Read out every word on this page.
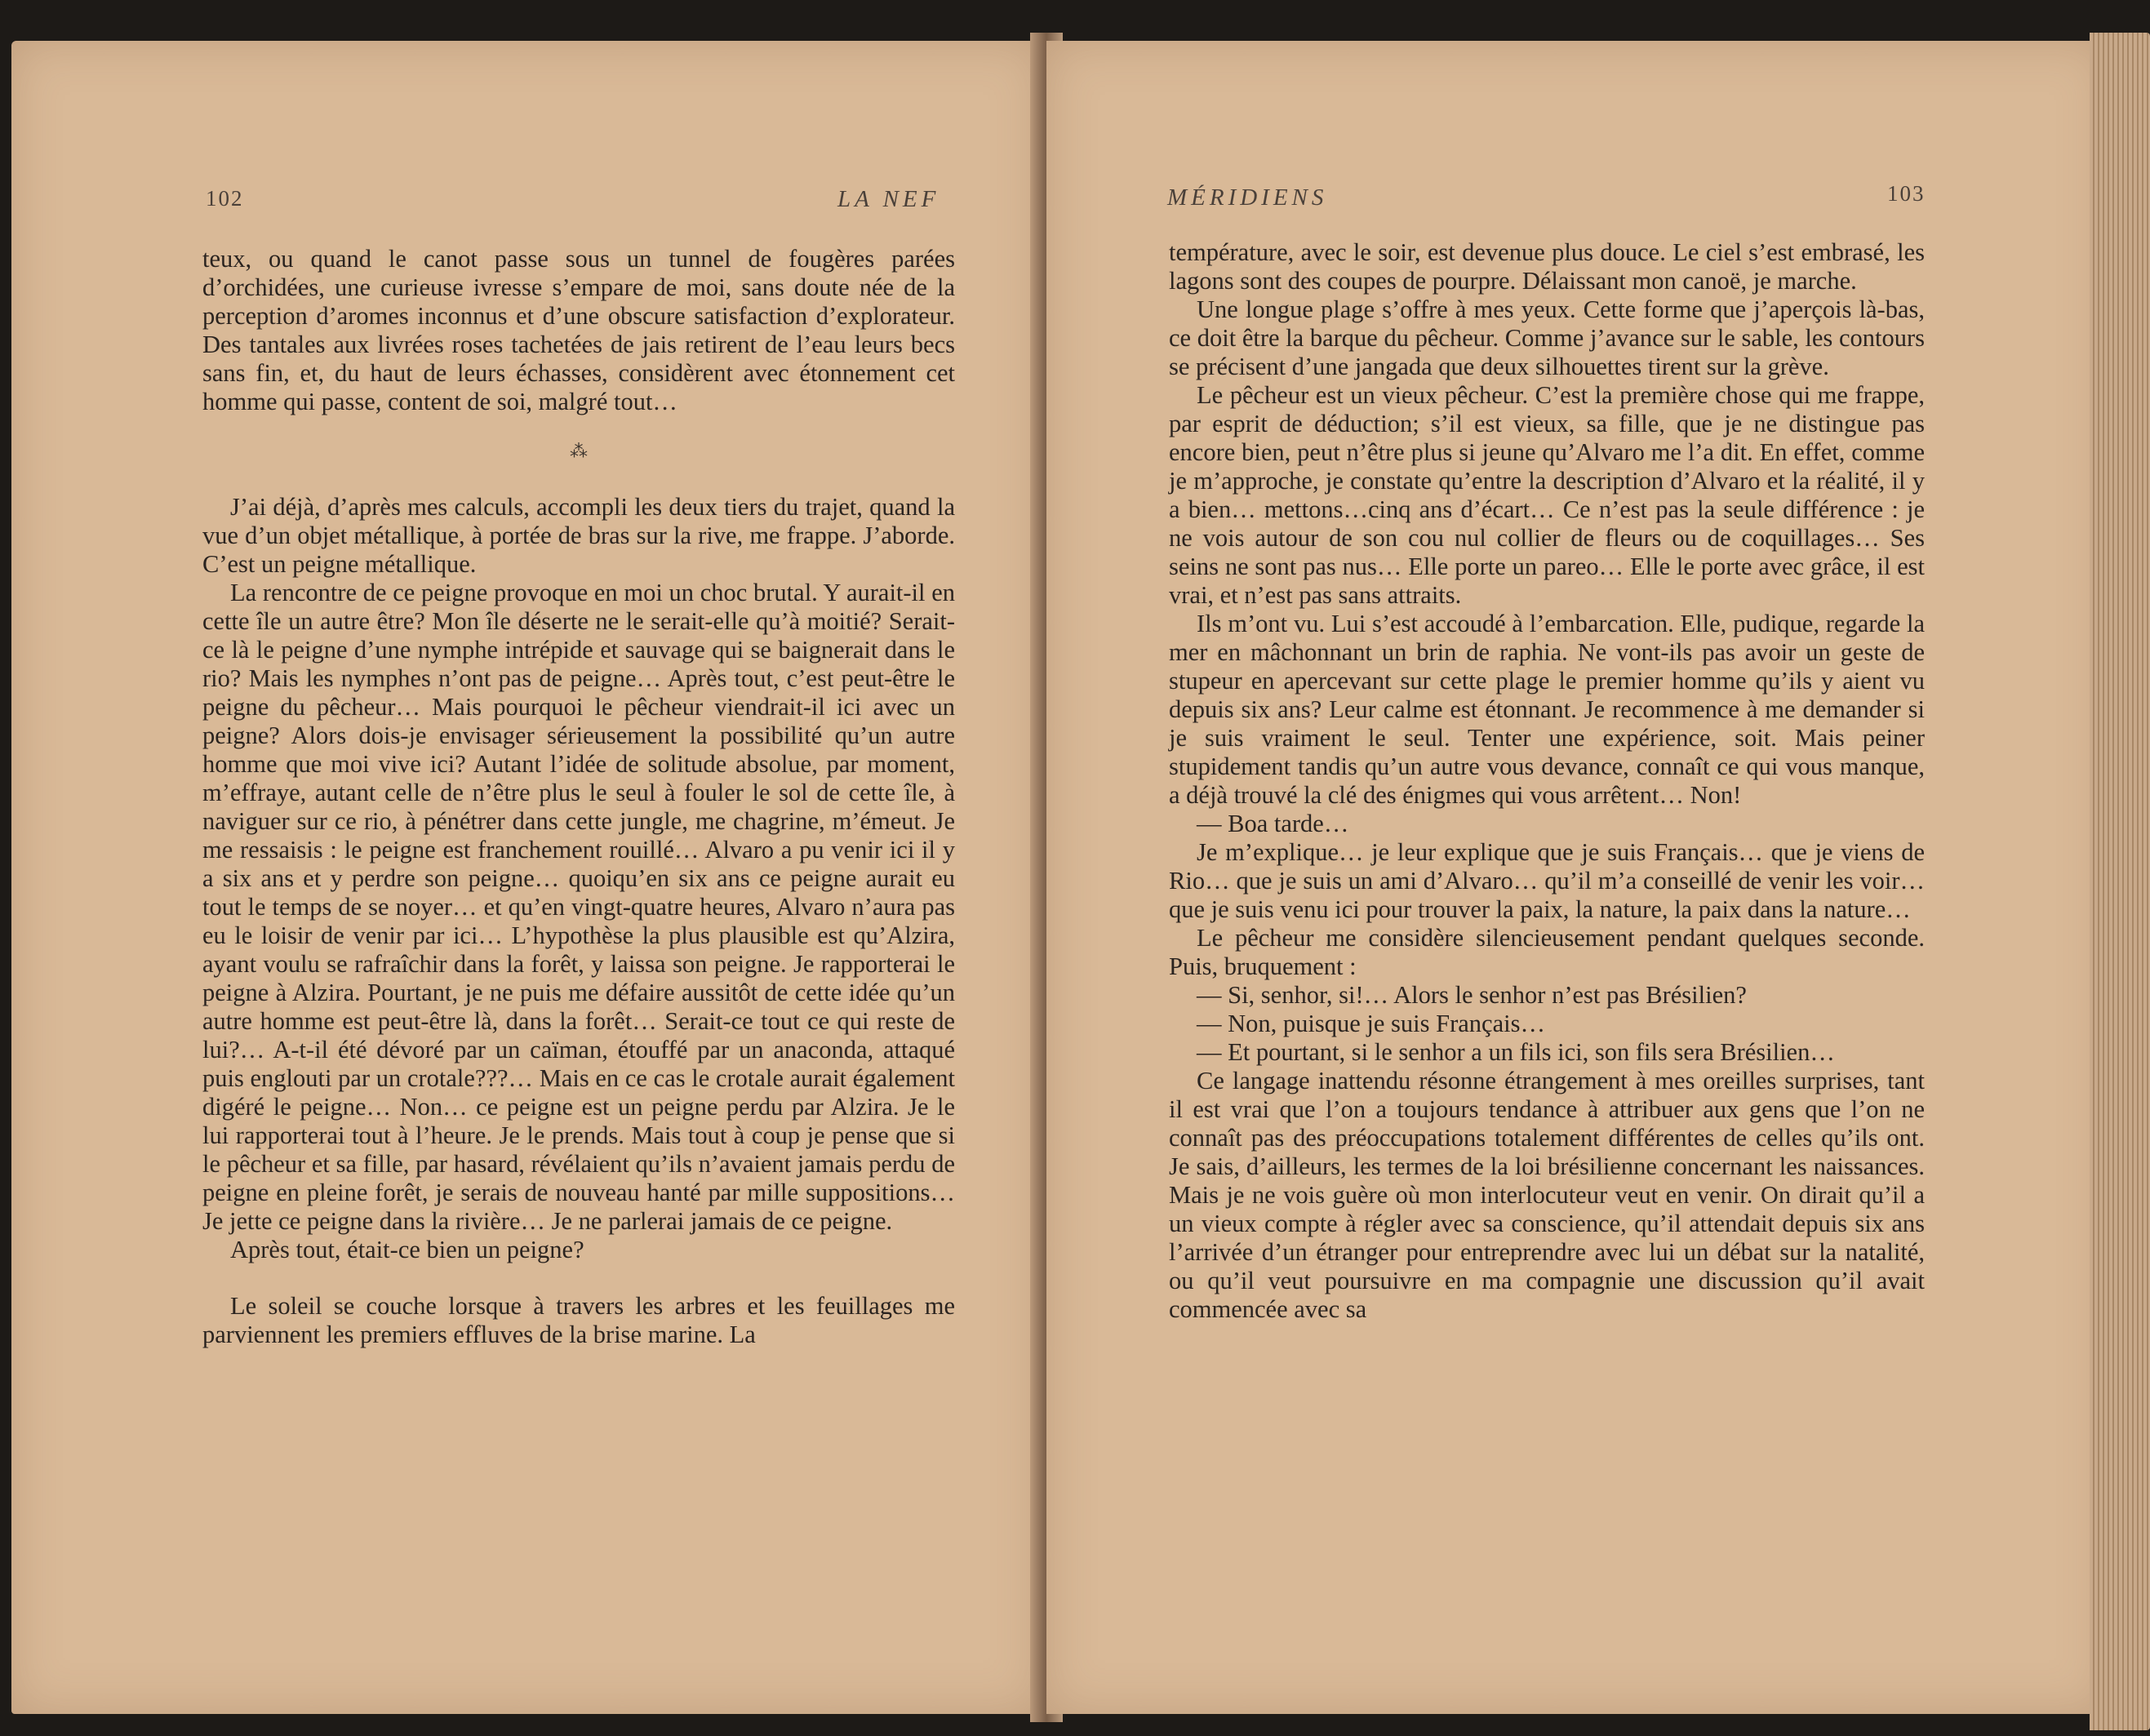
102	LA NEF	MÉRIDIENS	103

teux, ou quand le canot passe sous un tunnel de fougères parées d’orchidées, une curieuse ivresse s’empare de moi, sans doute née de la perception d’aromes inconnus et d’une obscure satisfaction d’explorateur. Des tantales aux livrées roses tachetées de jais retirent de l’eau leurs becs sans fin, et, du haut de leurs échasses, considèrent avec étonnement cet homme qui passe, content de soi, malgré tout…

⁂

J’ai déjà, d’après mes calculs, accompli les deux tiers du trajet, quand la vue d’un objet métallique, à portée de bras sur la rive, me frappe. J’aborde. C’est un peigne métallique.

La rencontre de ce peigne provoque en moi un choc brutal. Y aurait-il en cette île un autre être? Mon île déserte ne le serait-elle qu’à moitié? Serait-ce là le peigne d’une nymphe intrépide et sauvage qui se baignerait dans le rio? Mais les nymphes n’ont pas de peigne… Après tout, c’est peut-être le peigne du pêcheur… Mais pourquoi le pêcheur viendrait-il ici avec un peigne? Alors dois-je envisager sérieusement la possibilité qu’un autre homme que moi vive ici? Autant l’idée de solitude absolue, par moment, m’effraye, autant celle de n’être plus le seul à fouler le sol de cette île, à naviguer sur ce rio, à pénétrer dans cette jungle, me chagrine, m’émeut. Je me ressaisis : le peigne est franchement rouillé… Alvaro a pu venir ici il y a six ans et y perdre son peigne… quoiqu’en six ans ce peigne aurait eu tout le temps de se noyer… et qu’en vingt-quatre heures, Alvaro n’aura pas eu le loisir de venir par ici… L’hypothèse la plus plausible est qu’Alzira, ayant voulu se rafraîchir dans la forêt, y laissa son peigne. Je rapporterai le peigne à Alzira. Pourtant, je ne puis me défaire aussitôt de cette idée qu’un autre homme est peut-être là, dans la forêt… Serait-ce tout ce qui reste de lui?… A-t-il été dévoré par un caïman, étouffé par un anaconda, attaqué puis englouti par un crotale???… Mais en ce cas le crotale aurait également digéré le peigne… Non… ce peigne est un peigne perdu par Alzira. Je le lui rapporterai tout à l’heure. Je le prends. Mais tout à coup je pense que si le pêcheur et sa fille, par hasard, révélaient qu’ils n’avaient jamais perdu de peigne en pleine forêt, je serais de nouveau hanté par mille suppositions… Je jette ce peigne dans la rivière… Je ne parlerai jamais de ce peigne.

Après tout, était-ce bien un peigne?

Le soleil se couche lorsque à travers les arbres et les feuillages me parviennent les premiers effluves de la brise marine. La

température, avec le soir, est devenue plus douce. Le ciel s’est embrasé, les lagons sont des coupes de pourpre. Délaissant mon canoë, je marche.

Une longue plage s’offre à mes yeux. Cette forme que j’aperçois là-bas, ce doit être la barque du pêcheur. Comme j’avance sur le sable, les contours se précisent d’une jangada que deux silhouettes tirent sur la grève.

Le pêcheur est un vieux pêcheur. C’est la première chose qui me frappe, par esprit de déduction; s’il est vieux, sa fille, que je ne distingue pas encore bien, peut n’être plus si jeune qu’Alvaro me l’a dit. En effet, comme je m’approche, je constate qu’entre la description d’Alvaro et la réalité, il y a bien… mettons…cinq ans d’écart… Ce n’est pas la seule différence : je ne vois autour de son cou nul collier de fleurs ou de coquillages… Ses seins ne sont pas nus… Elle porte un pareo… Elle le porte avec grâce, il est vrai, et n’est pas sans attraits.

Ils m’ont vu. Lui s’est accoudé à l’embarcation. Elle, pudique, regarde la mer en mâchonnant un brin de raphia. Ne vont-ils pas avoir un geste de stupeur en apercevant sur cette plage le premier homme qu’ils y aient vu depuis six ans? Leur calme est étonnant. Je recommence à me demander si je suis vraiment le seul. Tenter une expérience, soit. Mais peiner stupidement tandis qu’un autre vous devance, connaît ce qui vous manque, a déjà trouvé la clé des énigmes qui vous arrêtent… Non!

— Boa tarde…

Je m’explique… je leur explique que je suis Français… que je viens de Rio… que je suis un ami d’Alvaro… qu’il m’a conseillé de venir les voir… que je suis venu ici pour trouver la paix, la nature, la paix dans la nature…

Le pêcheur me considère silencieusement pendant quelques seconde. Puis, bruquement :

— Si, senhor, si!… Alors le senhor n’est pas Brésilien?

— Non, puisque je suis Français…

— Et pourtant, si le senhor a un fils ici, son fils sera Brésilien…

Ce langage inattendu résonne étrangement à mes oreilles surprises, tant il est vrai que l’on a toujours tendance à attribuer aux gens que l’on ne connaît pas des préoccupations totalement différentes de celles qu’ils ont. Je sais, d’ailleurs, les termes de la loi brésilienne concernant les naissances. Mais je ne vois guère où mon interlocuteur veut en venir. On dirait qu’il a un vieux compte à régler avec sa conscience, qu’il attendait depuis six ans l’arrivée d’un étranger pour entreprendre avec lui un débat sur la natalité, ou qu’il veut poursuivre en ma compagnie une discussion qu’il avait commencée avec sa
